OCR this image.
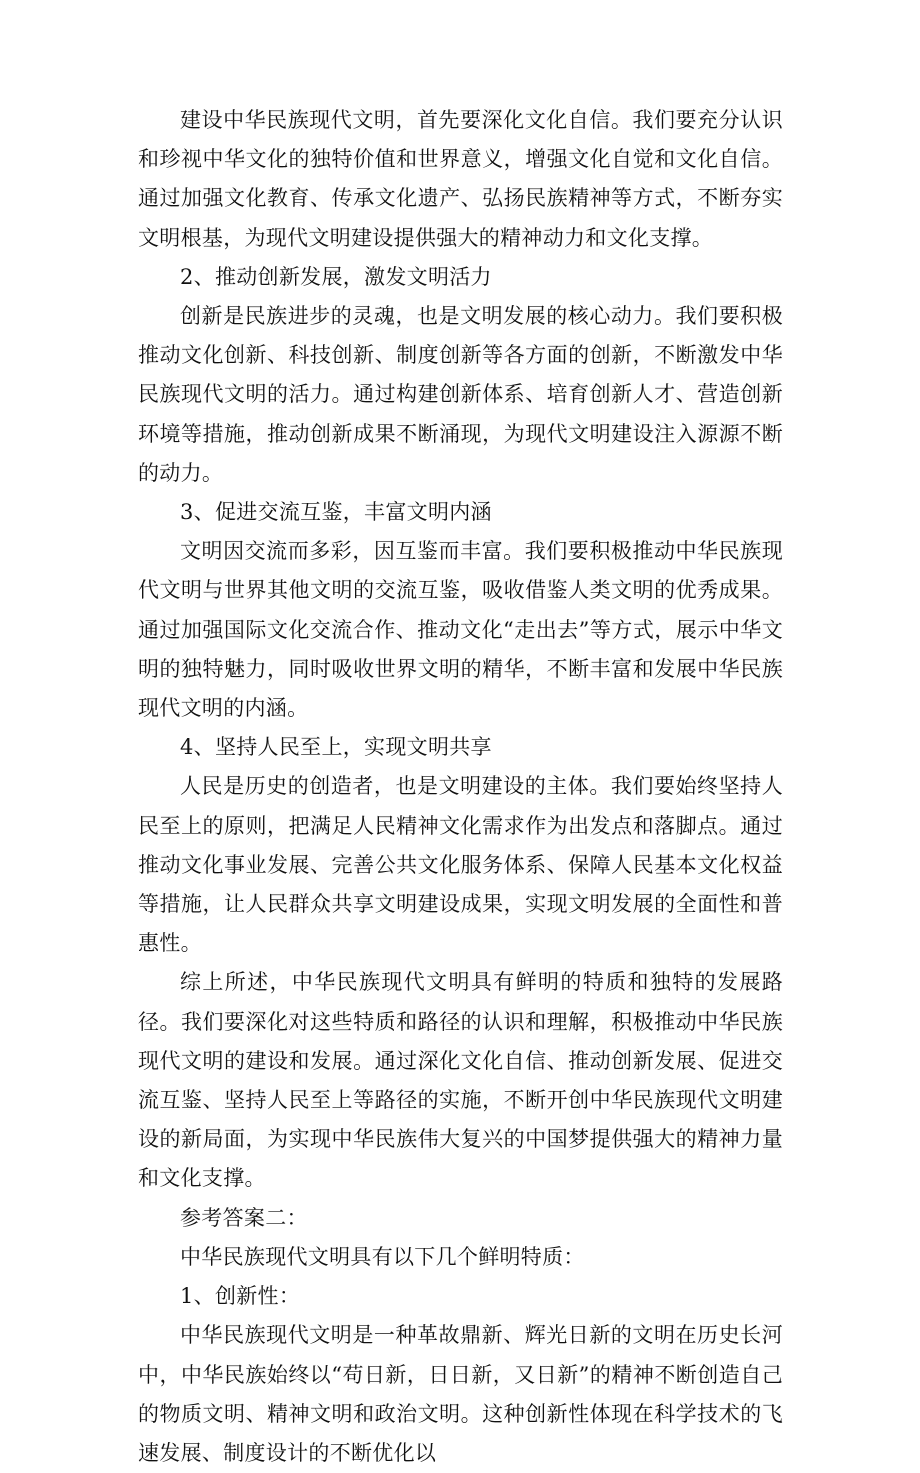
建设中华民族现代文明，首先要深化文化自信。我们要充分认识和珍视中华文化的独特价值和世界意义，增强文化自觉和文化自信。通过加强文化教育、传承文化遗产、弘扬民族精神等方式，不断夯实文明根基，为现代文明建设提供强大的精神动力和文化支撑。

2、推动创新发展，激发文明活力

创新是民族进步的灵魂，也是文明发展的核心动力。我们要积极推动文化创新、科技创新、制度创新等各方面的创新，不断激发中华民族现代文明的活力。通过构建创新体系、培育创新人才、营造创新环境等措施，推动创新成果不断涌现，为现代文明建设注入源源不断的动力。

3、促进交流互鉴，丰富文明内涵

文明因交流而多彩，因互鉴而丰富。我们要积极推动中华民族现代文明与世界其他文明的交流互鉴，吸收借鉴人类文明的优秀成果。通过加强国际文化交流合作、推动文化“走出去”等方式，展示中华文明的独特魅力，同时吸收世界文明的精华，不断丰富和发展中华民族现代文明的内涵。

4、坚持人民至上，实现文明共享

人民是历史的创造者，也是文明建设的主体。我们要始终坚持人民至上的原则，把满足人民精神文化需求作为出发点和落脚点。通过推动文化事业发展、完善公共文化服务体系、保障人民基本文化权益等措施，让人民群众共享文明建设成果，实现文明发展的全面性和普惠性。

综上所述，中华民族现代文明具有鲜明的特质和独特的发展路径。我们要深化对这些特质和路径的认识和理解，积极推动中华民族现代文明的建设和发展。通过深化文化自信、推动创新发展、促进交流互鉴、坚持人民至上等路径的实施，不断开创中华民族现代文明建设的新局面，为实现中华民族伟大复兴的中国梦提供强大的精神力量和文化支撑。

参考答案二：

中华民族现代文明具有以下几个鲜明特质：

1、创新性：

中华民族现代文明是一种革故鼎新、辉光日新的文明在历史长河中，中华民族始终以“苟日新，日日新，又日新”的精神不断创造自己的物质文明、精神文明和政治文明。这种创新性体现在科学技术的飞速发展、制度设计的不断优化以
